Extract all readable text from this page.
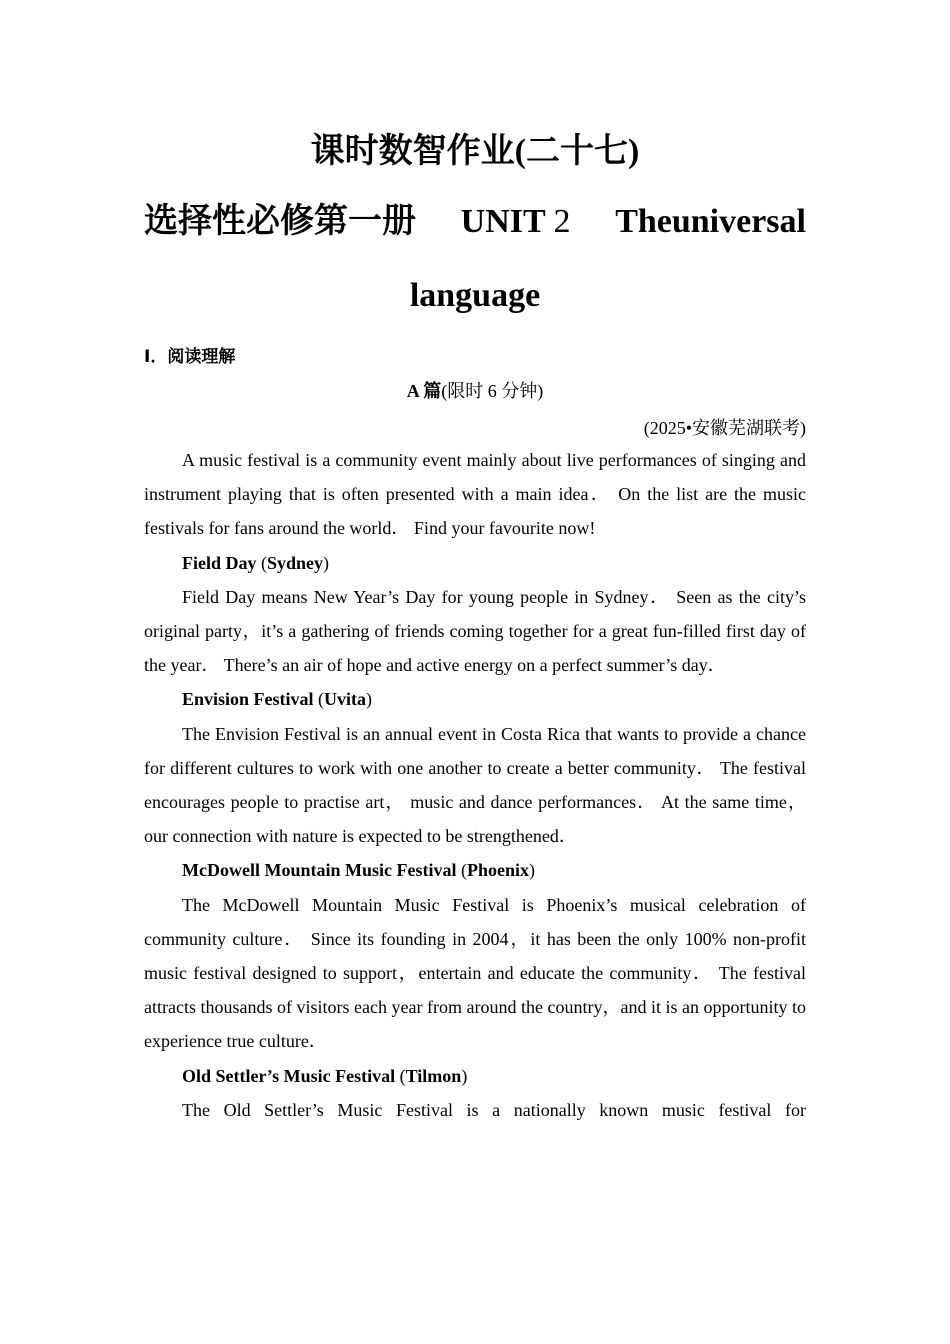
课时数智作业(二十七)
选择性必修第一册 UNIT 2 Theuniversal
language
Ⅰ．阅读理解
A 篇(限时 6 分钟)
(2025•安徽芜湖联考)

A music festival is a community event mainly about live performances of singing and instrument playing that is often presented with a main idea． On the list are the music festivals for fans around the world． Find your favourite now!

Field Day (Sydney)

Field Day means New Year’s Day for young people in Sydney． Seen as the city’s original party，it’s a gathering of friends coming together for a great fun-filled first day of the year． There’s an air of hope and active energy on a perfect summer’s day．

Envision Festival (Uvita)

The Envision Festival is an annual event in Costa Rica that wants to provide a chance for different cultures to work with one another to create a better community． The festival encourages people to practise art， music and dance performances． At the same time， our connection with nature is expected to be strengthened．

McDowell Mountain Music Festival (Phoenix)

The McDowell Mountain Music Festival is Phoenix’s musical celebration of community culture． Since its founding in 2004，it has been the only 100% non-profit music festival designed to support，entertain and educate the community． The festival attracts thousands of visitors each year from around the country，and it is an opportunity to experience true culture．

Old Settler’s Music Festival (Tilmon)

The Old Settler’s Music Festival is a nationally known music festival for
